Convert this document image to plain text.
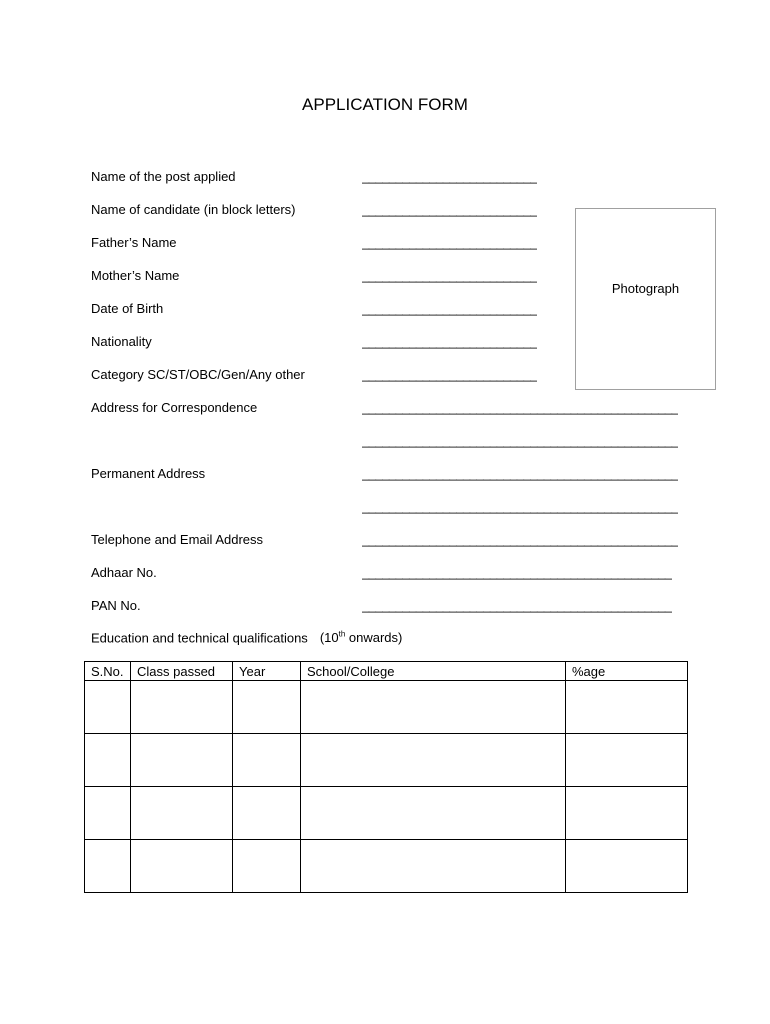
APPLICATION FORM
Name of the post applied	__________________________
Name of candidate (in block letters)	__________________________
Father’s Name	__________________________
Mother’s Name	__________________________
Date of Birth	__________________________
Nationality	__________________________
Category SC/ST/OBC/Gen/Any other	__________________________
Address for Correspondence	_______________________________________________
_______________________________________________
Permanent Address	_______________________________________________
_______________________________________________
Telephone and Email Address	_______________________________________________
Adhaar No.	______________________________________________
PAN No.	______________________________________________
Photograph
Education and technical qualifications (10th onwards)
S.No.	Class passed	Year	School/College	%age
